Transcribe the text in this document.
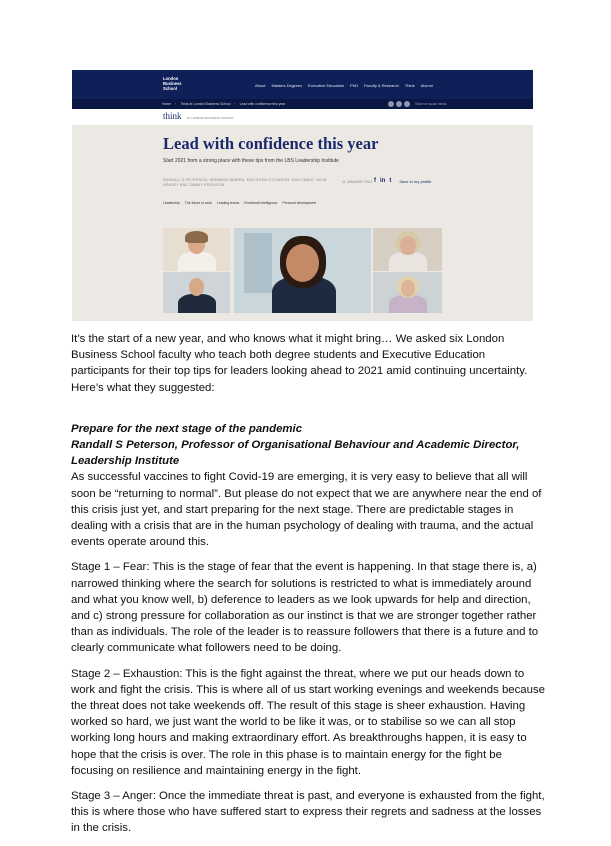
London
Business
School
About Masters Degrees Executive Education PhD Faculty & Research Think Alumni
Home › Think at London Business School › Lead with confidence this year	Share on social media
think AT LONDON BUSINESS SCHOOL
Lead with confidence this year
Start 2021 from a strong place with these tips from the LBS Leadership Institute
RANDALL S PETERSON, HERMINIA IBARRA, KATHLEEN O'CONNOR, DAN CABLE, NILIN HEADEY AND TAMMY ERICKSON
11 JANUARY 2021 f in t Save to my profile
Leadership The future of work Leading teams Emotional intelligence Personal development

It’s the start of a new year, and who knows what it might bring… We asked six London Business School faculty who teach both degree students and Executive Education participants for their top tips for leaders looking ahead to 2021 amid continuing uncertainty. Here’s what they suggested:

Prepare for the next stage of the pandemic
Randall S Peterson, Professor of Organisational Behaviour and Academic Director, Leadership Institute

As successful vaccines to fight Covid-19 are emerging, it is very easy to believe that all will soon be “returning to normal”. But please do not expect that we are anywhere near the end of this crisis just yet, and start preparing for the next stage. There are predictable stages in dealing with a crisis that are in the human psychology of dealing with trauma, and the actual events operate around this.

Stage 1 – Fear: This is the stage of fear that the event is happening. In that stage there is, a) narrowed thinking where the search for solutions is restricted to what is immediately around and what you know well, b) deference to leaders as we look upwards for help and direction, and c) strong pressure for collaboration as our instinct is that we are stronger together rather than as individuals. The role of the leader is to reassure followers that there is a future and to clearly communicate what followers need to be doing.

Stage 2 – Exhaustion: This is the fight against the threat, where we put our heads down to work and fight the crisis. This is where all of us start working evenings and weekends because the threat does not take weekends off. The result of this stage is sheer exhaustion. Having worked so hard, we just want the world to be like it was, or to stabilise so we can all stop working long hours and making extraordinary effort. As breakthroughs happen, it is easy to hope that the crisis is over. The role in this phase is to maintain energy for the fight be focusing on resilience and maintaining energy in the fight.

Stage 3 – Anger: Once the immediate threat is past, and everyone is exhausted from the fight, this is where those who have suffered start to express their regrets and sadness at the losses in the crisis.
